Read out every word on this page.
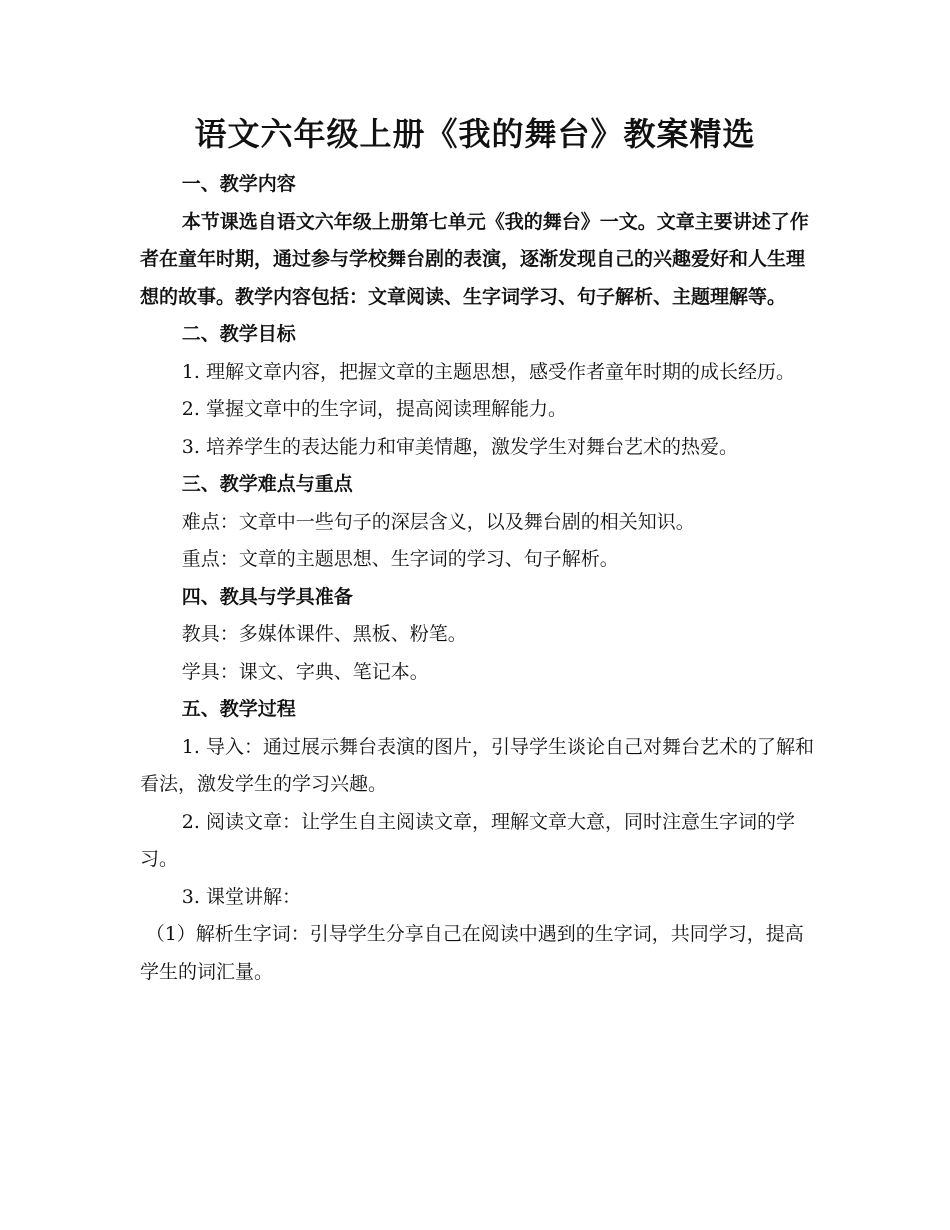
语文六年级上册《我的舞台》教案精选

一、教学内容

本节课选自语文六年级上册第七单元《我的舞台》一文。文章主要讲述了作者在童年时期，通过参与学校舞台剧的表演，逐渐发现自己的兴趣爱好和人生理想的故事。教学内容包括：文章阅读、生字词学习、句子解析、主题理解等。

二、教学目标

1. 理解文章内容，把握文章的主题思想，感受作者童年时期的成长经历。

2. 掌握文章中的生字词，提高阅读理解能力。

3. 培养学生的表达能力和审美情趣，激发学生对舞台艺术的热爱。

三、教学难点与重点

难点：文章中一些句子的深层含义，以及舞台剧的相关知识。

重点：文章的主题思想、生字词的学习、句子解析。

四、教具与学具准备

教具：多媒体课件、黑板、粉笔。

学具：课文、字典、笔记本。

五、教学过程

1. 导入：通过展示舞台表演的图片，引导学生谈论自己对舞台艺术的了解和看法，激发学生的学习兴趣。

2. 阅读文章：让学生自主阅读文章，理解文章大意，同时注意生字词的学习。

3. 课堂讲解：

（1）解析生字词：引导学生分享自己在阅读中遇到的生字词，共同学习，提高学生的词汇量。
